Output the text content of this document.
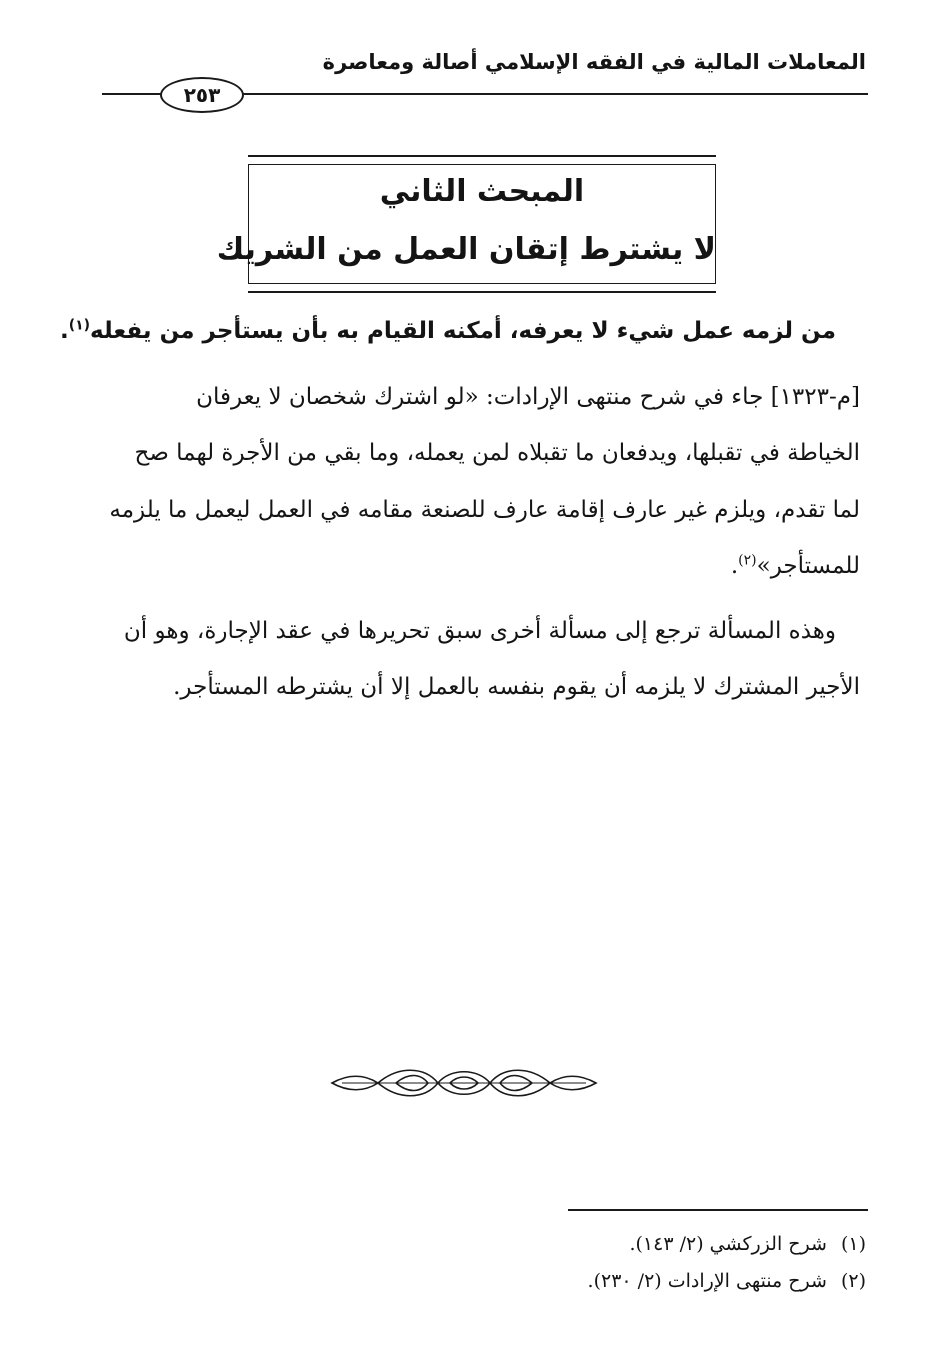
المعاملات المالية في الفقه الإسلامي أصالة ومعاصرة
٢٥٣
المبحث الثاني
لا يشترط إتقان العمل من الشريك
من لزمه عمل شيء لا يعرفه، أمكنه القيام به بأن يستأجر من يفعله$^{(١)}$.
[م-١٣٢٣] جاء في شرح منتهى الإرادات: «لو اشترك شخصان لا يعرفان
الخياطة في تقبلها، ويدفعان ما تقبلاه لمن يعمله، وما بقي من الأجرة لهما صح
لما تقدم، ويلزم غير عارف إقامة عارف للصنعة مقامه في العمل ليعمل ما يلزمه
للمستأجر»$^{(٢)}$.
وهذه المسألة ترجع إلى مسألة أخرى سبق تحريرها في عقد الإجارة، وهو أن
الأجير المشترك لا يلزمه أن يقوم بنفسه بالعمل إلا أن يشترطه المستأجر.
(١)شرح الزركشي (٢/ ١٤٣).
(٢)شرح منتهى الإرادات (٢/ ٢٣٠).
